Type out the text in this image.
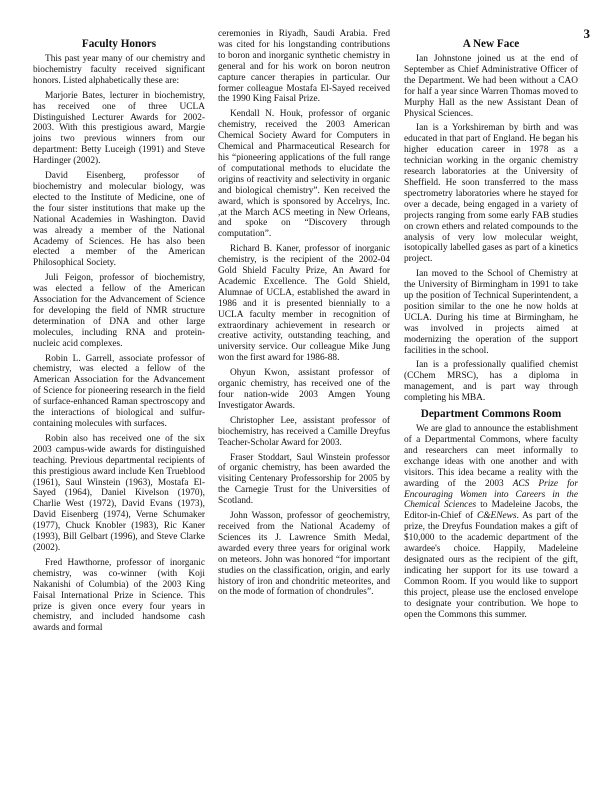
3
Faculty Honors

This past year many of our chemistry and biochemistry faculty received significant honors. Listed alphabetically these are:

Marjorie Bates, lecturer in biochemistry, has received one of three UCLA Distinguished Lecturer Awards for 2002-2003. With this prestigious award, Margie joins two previous winners from our department: Betty Luceigh (1991) and Steve Hardinger (2002).

David Eisenberg, professor of biochemistry and molecular biology, was elected to the Institute of Medicine, one of the four sister institutions that make up the National Academies in Washington. David was already a member of the National Academy of Sciences. He has also been elected a member of the American Philosophical Society.

Juli Feigon, professor of biochemistry, was elected a fellow of the American Association for the Advancement of Science for developing the field of NMR structure determination of DNA and other large molecules, including RNA and protein-nucleic acid complexes.

Robin L. Garrell, associate professor of chemistry, was elected a fellow of the American Association for the Advancement of Science for pioneering research in the field of surface-enhanced Raman spectroscopy and the interactions of biological and sulfur-containing molecules with surfaces.

Robin also has received one of the six 2003 campus-wide awards for distinguished teaching. Previous departmental recipients of this prestigious award include Ken Trueblood (1961), Saul Winstein (1963), Mostafa El-Sayed (1964), Daniel Kivelson (1970), Charlie West (1972), David Evans (1973), David Eisenberg (1974), Verne Schumaker (1977), Chuck Knobler (1983), Ric Kaner (1993), Bill Gelbart (1996), and Steve Clarke (2002).

Fred Hawthorne, professor of inorganic chemistry, was co-winner (with Koji Nakanishi of Columbia) of the 2003 King Faisal International Prize in Science. This prize is given once every four years in chemistry, and included handsome cash awards and formal

ceremonies in Riyadh, Saudi Arabia. Fred was cited for his longstanding contributions to boron and inorganic synthetic chemistry in general and for his work on boron neutron capture cancer therapies in particular. Our former colleague Mostafa El-Sayed received the 1990 King Faisal Prize.

Kendall N. Houk, professor of organic chemistry, received the 2003 American Chemical Society Award for Computers in Chemical and Pharmaceutical Research for his “pioneering applications of the full range of computational methods to elucidate the origins of reactivity and selectivity in organic and biological chemistry”. Ken received the award, which is sponsored by Accelrys, Inc. ,at the March ACS meeting in New Orleans, and spoke on “Discovery through computation”.

Richard B. Kaner, professor of inorganic chemistry, is the recipient of the 2002-04 Gold Shield Faculty Prize, An Award for Academic Excellence. The Gold Shield, Alumnae of UCLA, established the award in 1986 and it is presented biennially to a UCLA faculty member in recognition of extraordinary achievement in research or creative activity, outstanding teaching, and university service. Our colleague Mike Jung won the first award for 1986-88.

Ohyun Kwon, assistant professor of organic chemistry, has received one of the four nation-wide 2003 Amgen Young Investigator Awards.

Christopher Lee, assistant professor of biochemistry, has received a Camille Dreyfus Teacher-Scholar Award for 2003.

Fraser Stoddart, Saul Winstein professor of organic chemistry, has been awarded the visiting Centenary Professorship for 2005 by the Carnegie Trust for the Universities of Scotland.

John Wasson, professor of geochemistry, received from the National Academy of Sciences its J. Lawrence Smith Medal, awarded every three years for original work on meteors. John was honored “for important studies on the classification, origin, and early history of iron and chondritic meteorites, and on the mode of formation of chondrules”.

A New Face

Ian Johnstone joined us at the end of September as Chief Administrative Officer of the Department. We had been without a CAO for half a year since Warren Thomas moved to Murphy Hall as the new Assistant Dean of Physical Sciences.

Ian is a Yorkshireman by birth and was educated in that part of England. He began his higher education career in 1978 as a technician working in the organic chemistry research laboratories at the University of Sheffield. He soon transferred to the mass spectrometry laboratories where he stayed for over a decade, being engaged in a variety of projects ranging from some early FAB studies on crown ethers and related compounds to the analysis of very low molecular weight, isotopically labelled gases as part of a kinetics project.

Ian moved to the School of Chemistry at the University of Birmingham in 1991 to take up the position of Technical Superintendent, a position similar to the one he now holds at UCLA. During his time at Birmingham, he was involved in projects aimed at modernizing the operation of the support facilities in the school.

Ian is a professionally qualified chemist (CChem MRSC), has a diploma in management, and is part way through completing his MBA.

Department Commons Room

We are glad to announce the establishment of a Departmental Commons, where faculty and researchers can meet informally to exchange ideas with one another and with visitors. This idea became a reality with the awarding of the 2003 ACS Prize for Encouraging Women into Careers in the Chemical Sciences to Madeleine Jacobs, the Editor-in-Chief of C&ENews. As part of the prize, the Dreyfus Foundation makes a gift of $10,000 to the academic department of the awardee's choice. Happily, Madeleine designated ours as the recipient of the gift, indicating her support for its use toward a Common Room. If you would like to support this project, please use the enclosed envelope to designate your contribution. We hope to open the Commons this summer.
